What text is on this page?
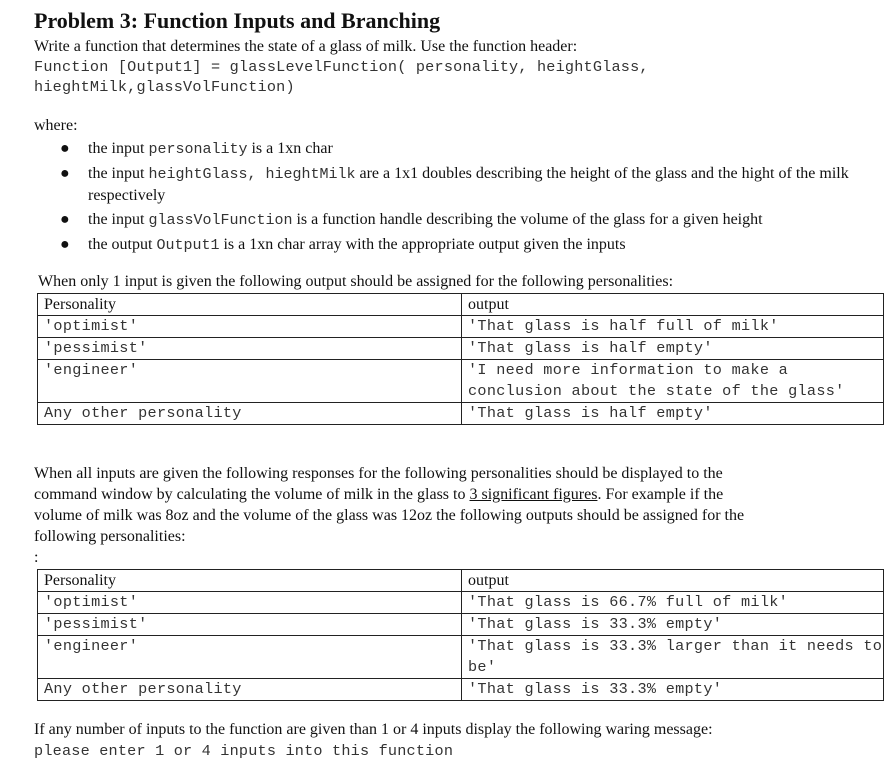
Problem 3: Function Inputs and Branching
Write a function that determines the state of a glass of milk. Use the function header:
Function [Output1] = glassLevelFunction( personality, heightGlass,
hieghtMilk,glassVolFunction)
where:
● the input personality is a 1xn char
● the input heightGlass, hieghtMilk are a 1x1 doubles describing the height of the glass and the hight of the milk respectively
● the input glassVolFunction is a function handle describing the volume of the glass for a given height
● the output Output1 is a 1xn char array with the appropriate output given the inputs
When only 1 input is given the following output should be assigned for the following personalities:
Personality	output
'optimist'	'That glass is half full of milk'
'pessimist'	'That glass is half empty'
'engineer'	'I need more information to make a conclusion about the state of the glass'
Any other personality	'That glass is half empty'
When all inputs are given the following responses for the following personalities should be displayed to the
command window by calculating the volume of milk in the glass to 3 significant figures. For example if the
volume of milk was 8oz and the volume of the glass was 12oz the following outputs should be assigned for the
following personalities:
:
Personality	output
'optimist'	'That glass is 66.7% full of milk'
'pessimist'	'That glass is 33.3% empty'
'engineer'	'That glass is 33.3% larger than it needs to be'
Any other personality	'That glass is 33.3% empty'
If any number of inputs to the function are given than 1 or 4 inputs display the following waring message:
please enter 1 or 4 inputs into this function
